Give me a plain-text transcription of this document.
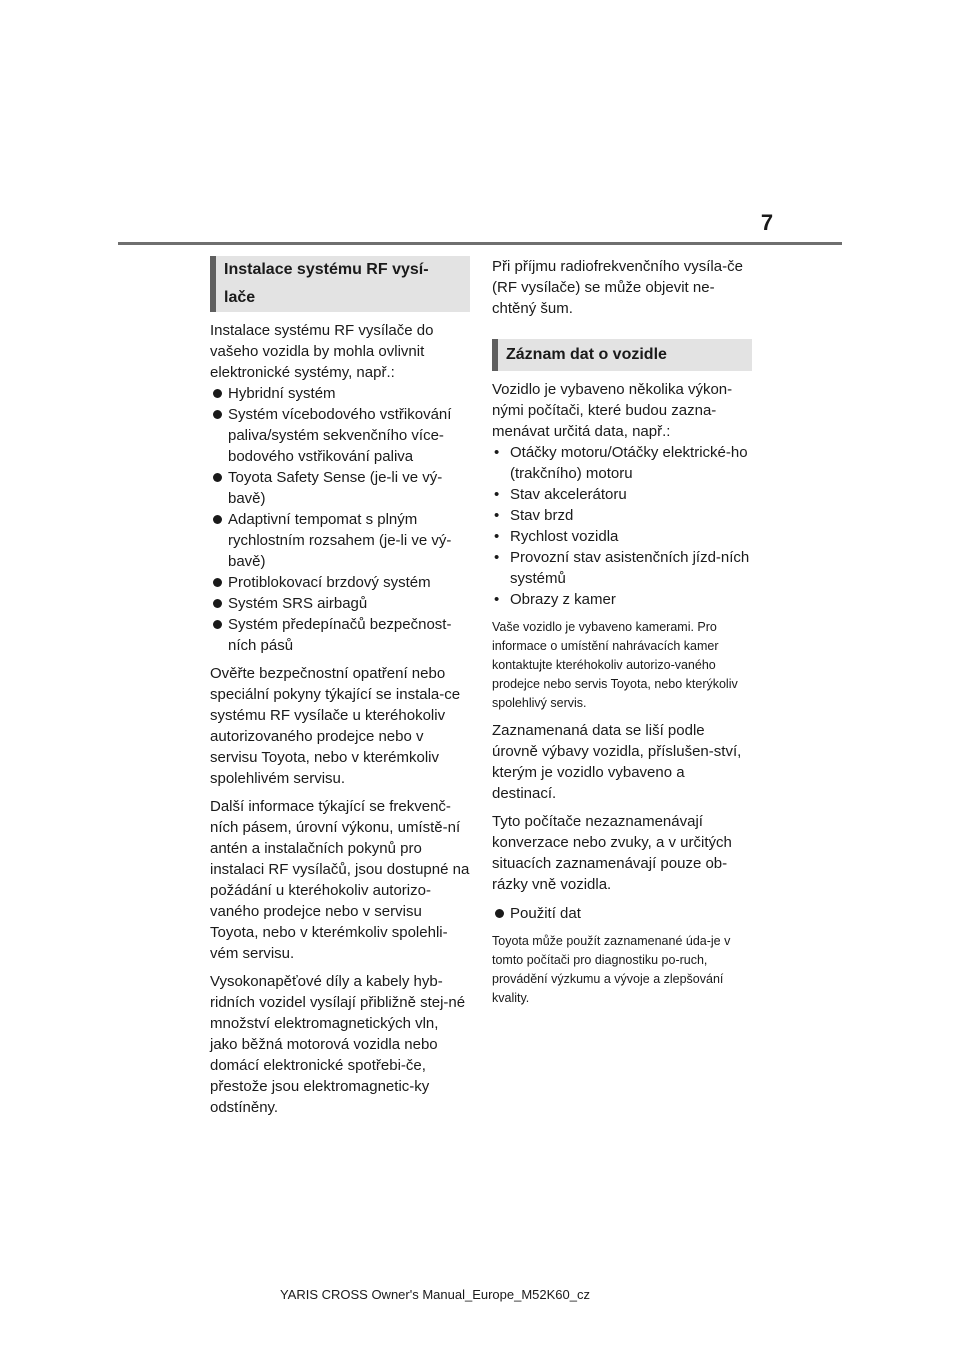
7
Instalace systému RF vysí-
lače

Instalace systému RF vysílače do vašeho vozidla by mohla ovlivnit elektronické systémy, např.:

Hybridní systém
Systém vícebodového vstřikování paliva/systém sekvenčního více-bodového vstřikování paliva
Toyota Safety Sense (je-li ve vý-bavě)
Adaptivní tempomat s plným rychlostním rozsahem (je-li ve vý-bavě)
Protiblokovací brzdový systém
Systém SRS airbagů
Systém předepínačů bezpečnost-ních pásů

Ověřte bezpečnostní opatření nebo speciální pokyny týkající se instala-ce systému RF vysílače u kteréhokoliv autorizovaného prodejce nebo v servisu Toyota, nebo v kterémkoliv spolehlivém servisu.

Další informace týkající se frekvenč-ních pásem, úrovní výkonu, umístě-ní antén a instalačních pokynů pro instalaci RF vysílačů, jsou dostupné na požádání u kteréhokoliv autorizo-vaného prodejce nebo v servisu Toyota, nebo v kterémkoliv spolehli-vém servisu.

Vysokonapěťové díly a kabely hyb-ridních vozidel vysílají přibližně stej-né množství elektromagnetických vln, jako běžná motorová vozidla nebo domácí elektronické spotřebi-če, přestože jsou elektromagnetic-ky odstíněny.

Při příjmu radiofrekvenčního vysíla-če (RF vysílače) se může objevit ne-chtěný šum.

Záznam dat o vozidle

Vozidlo je vybaveno několika výkon-nými počítači, které budou zazna-menávat určitá data, např.:

• Otáčky motoru/Otáčky elektrické-ho (trakčního) motoru
• Stav akcelerátoru
• Stav brzd
• Rychlost vozidla
• Provozní stav asistenčních jízd-ních systémů
• Obrazy z kamer

Vaše vozidlo je vybaveno kamerami. Pro informace o umístění nahrávacích kamer kontaktujte kteréhokoliv autorizo-vaného prodejce nebo servis Toyota, nebo kterýkoliv spolehlivý servis.

Zaznamenaná data se liší podle úrovně výbavy vozidla, příslušen-ství, kterým je vozidlo vybaveno a destinací.

Tyto počítače nezaznamenávají konverzace nebo zvuky, a v určitých situacích zaznamenávají pouze ob-rázky vně vozidla.

Použití dat

Toyota může použít zaznamenané úda-je v tomto počítači pro diagnostiku po-ruch, provádění výzkumu a vývoje a zlepšování kvality.

YARIS CROSS Owner's Manual_Europe_M52K60_cz
